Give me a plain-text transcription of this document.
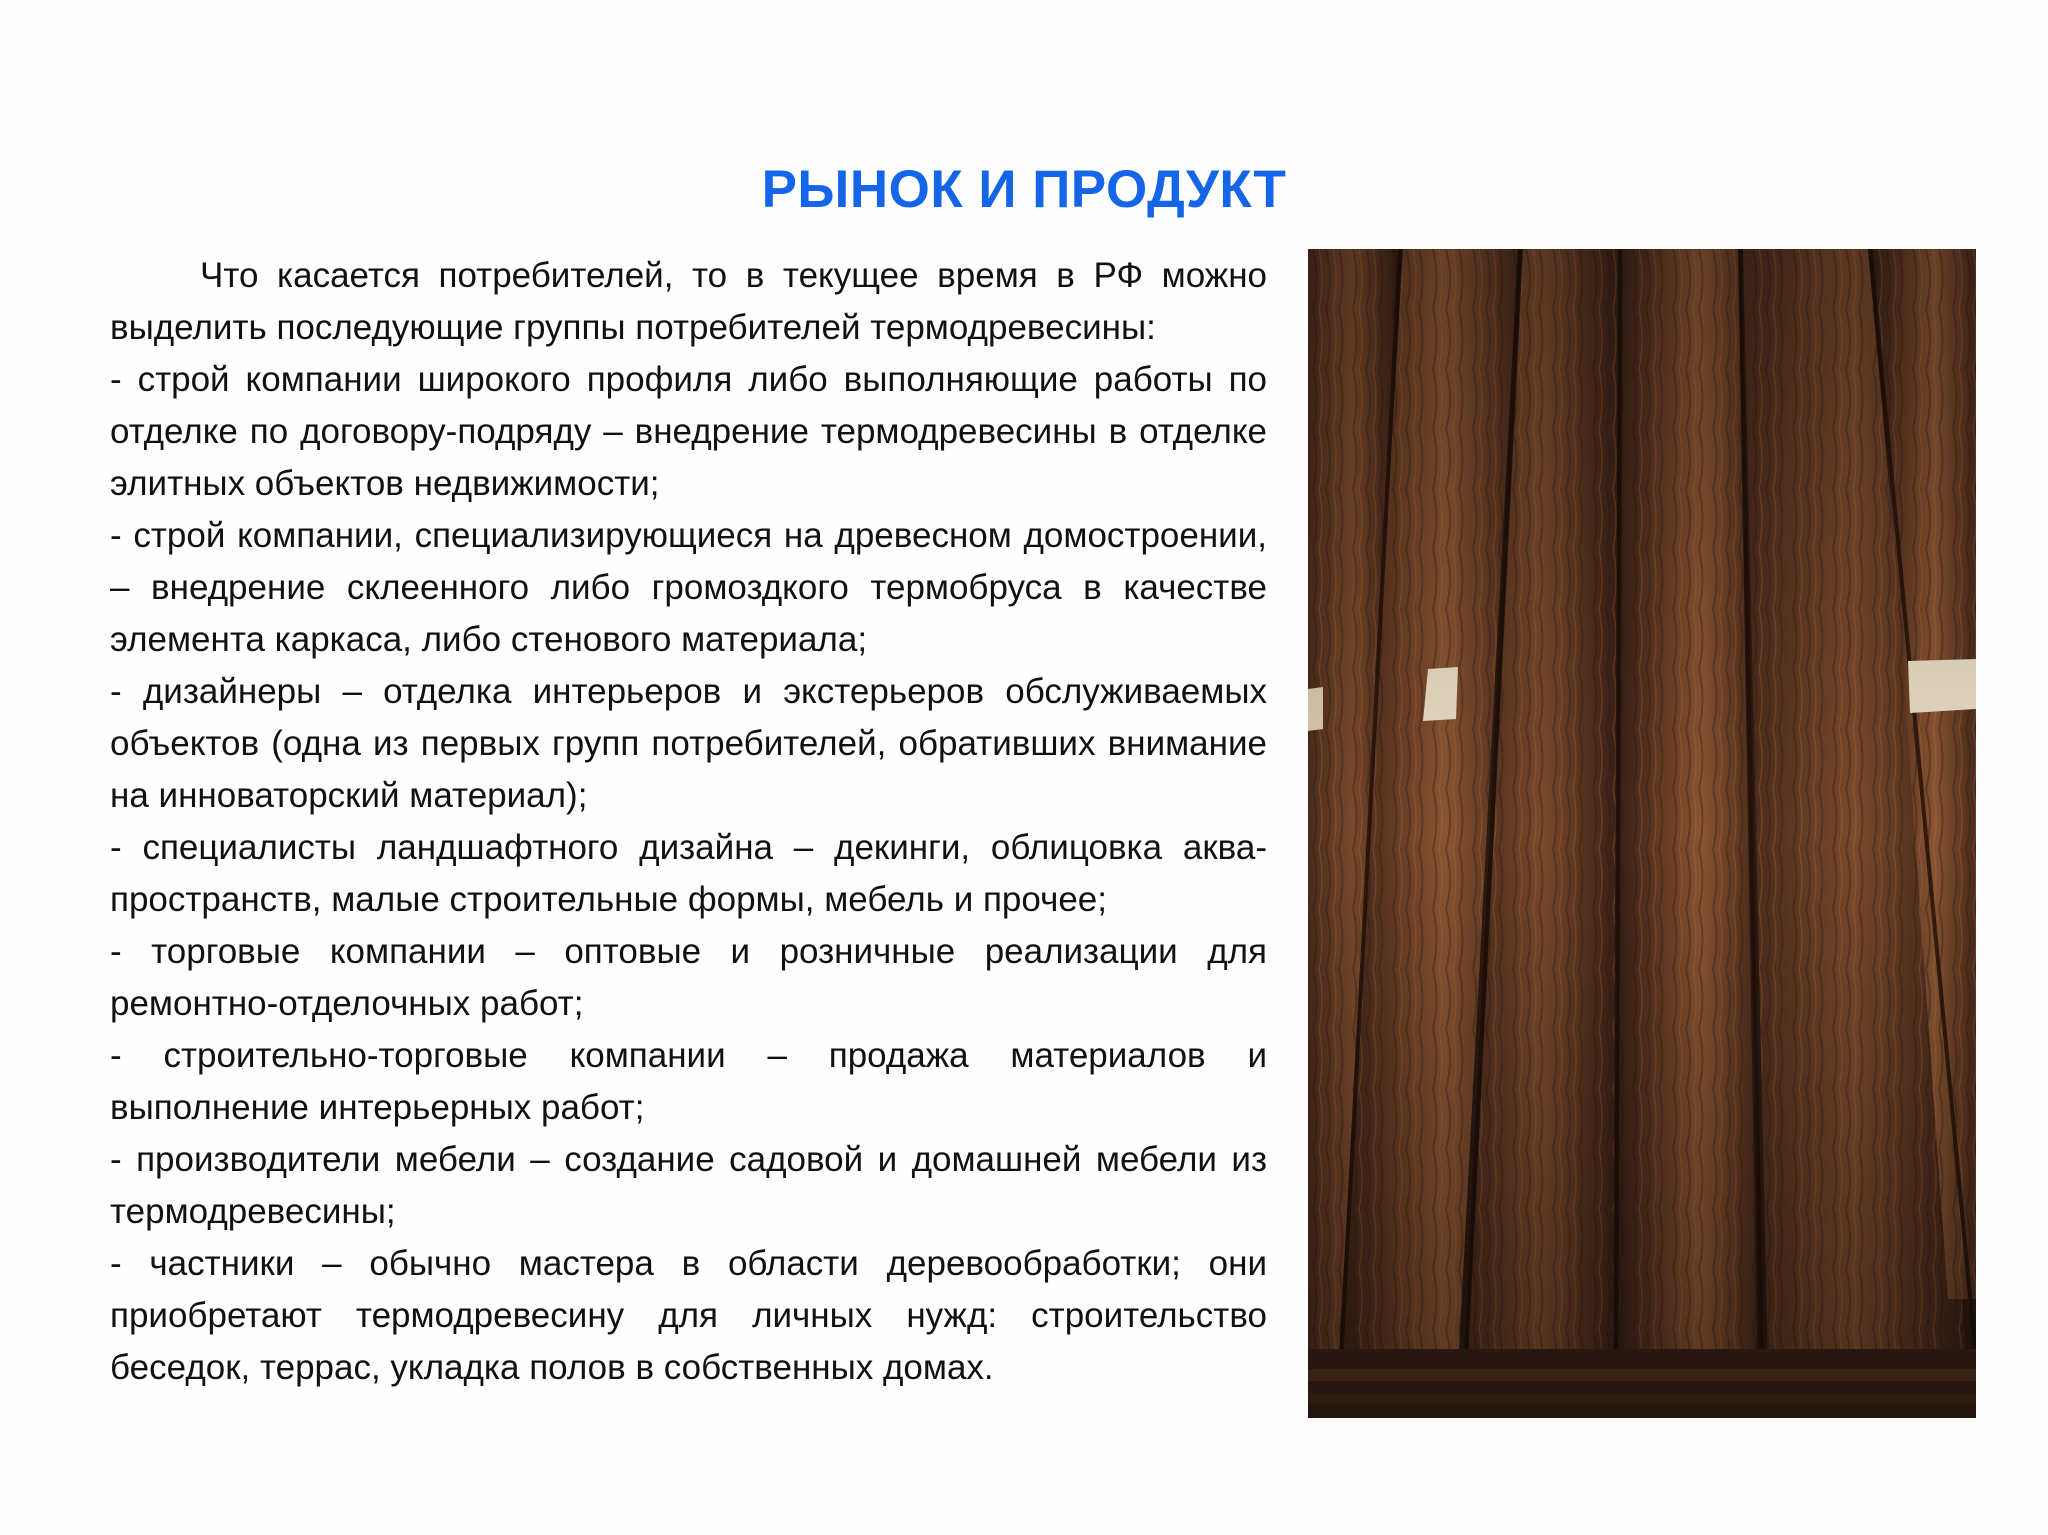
РЫНОК И ПРОДУКТ

Что касается потребителей, то в текущее время в РФ можно выделить последующие группы потребителей термодревесины:

- строй компании широкого профиля либо выполняющие работы по отделке по договору-подряду – внедрение термодревесины в отделке элитных объектов недвижимости;

- строй компании, специализирующиеся на древесном домостроении, – внедрение склеенного либо громоздкого термобруса в качестве элемента каркаса, либо стенового материала;

- дизайнеры – отделка интерьеров и экстерьеров обслуживаемых объектов (одна из первых групп потребителей, обративших внимание на инноваторский материал);

- специалисты ландшафтного дизайна – декинги, облицовка аква- пространств, малые строительные формы, мебель и прочее;

- торговые компании – оптовые и розничные реализации для ремонтно-отделочных работ;

- строительно-торговые компании – продажа материалов и выполнение интерьерных работ;

- производители мебели – создание садовой и домашней мебели из термодревесины;

- частники – обычно мастера в области деревообработки; они приобретают термодревесину для личных нужд: строительство беседок, террас, укладка полов в собственных домах.
